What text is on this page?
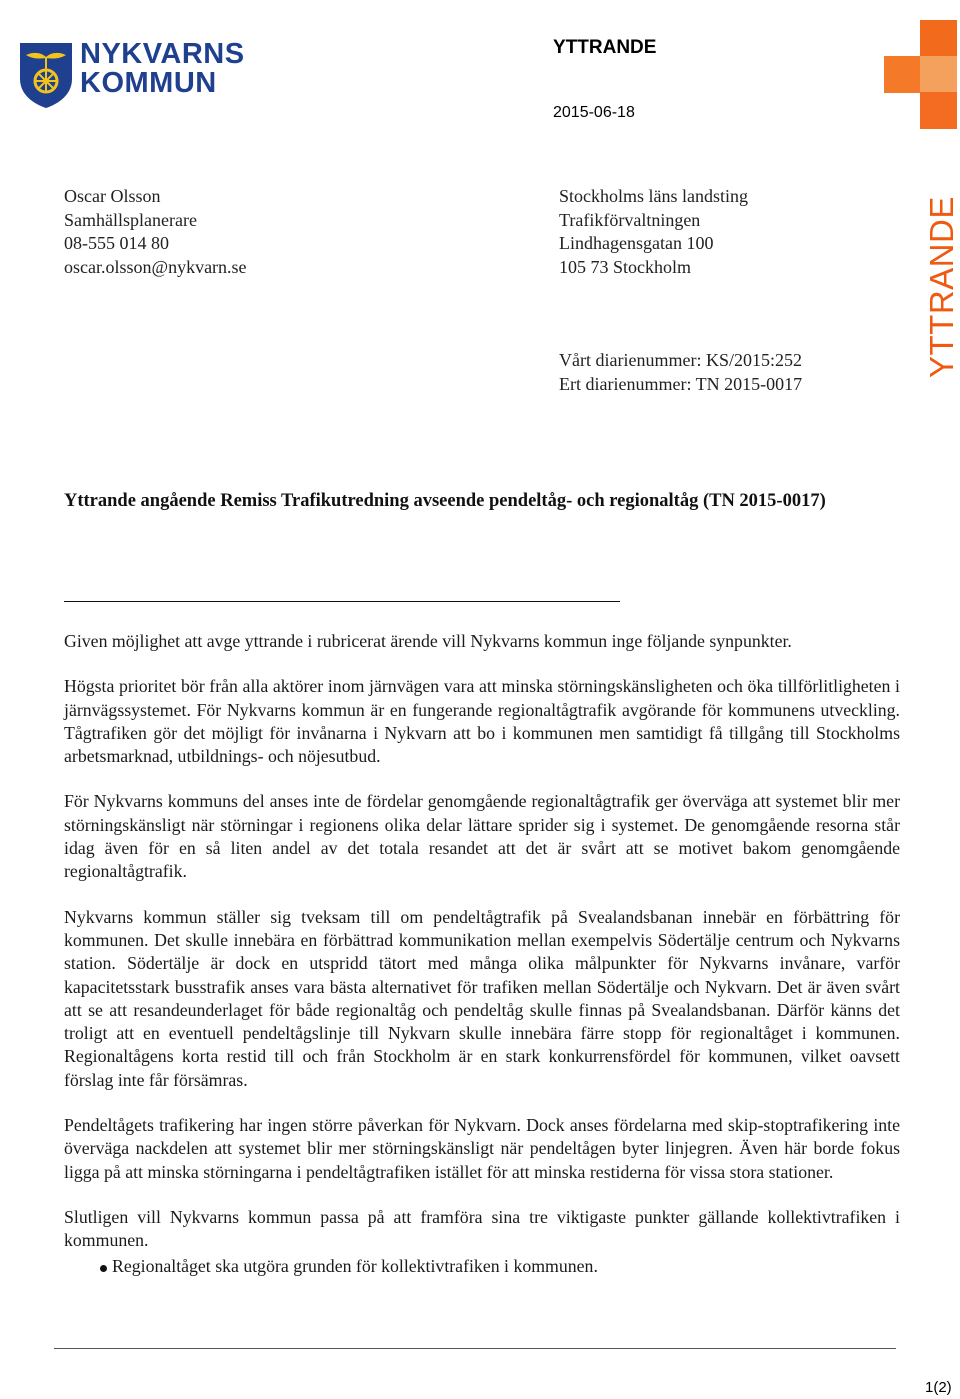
NYKVARNS
KOMMUN
YTTRANDE
2015-06-18
YTTRANDE
Oscar Olsson
Samhällsplanerare
08-555 014 80
oscar.olsson@nykvarn.se
Stockholms läns landsting
Trafikförvaltningen
Lindhagensgatan 100
105 73 Stockholm
Vårt diarienummer: KS/2015:252
Ert diarienummer: TN 2015-0017
Yttrande angående Remiss Trafikutredning avseende pendeltåg- och regionaltåg (TN 2015-0017)

Given möjlighet att avge yttrande i rubricerat ärende vill Nykvarns kommun inge följande synpunkter.

Högsta prioritet bör från alla aktörer inom järnvägen vara att minska störningskänsligheten och öka tillförlitligheten i järnvägssystemet. För Nykvarns kommun är en fungerande regionaltågtrafik avgörande för kommunens utveckling. Tågtrafiken gör det möjligt för invånarna i Nykvarn att bo i kommunen men samtidigt få tillgång till Stockholms arbetsmarknad, utbildnings- och nöjesutbud.

För Nykvarns kommuns del anses inte de fördelar genomgående regionaltågtrafik ger överväga att systemet blir mer störningskänsligt när störningar i regionens olika delar lättare sprider sig i systemet. De genomgående resorna står idag även för en så liten andel av det totala resandet att det är svårt att se motivet bakom genomgående regionaltågtrafik.

Nykvarns kommun ställer sig tveksam till om pendeltågtrafik på Svealandsbanan innebär en förbättring för kommunen. Det skulle innebära en förbättrad kommunikation mellan exempelvis Södertälje centrum och Nykvarns station. Södertälje är dock en utspridd tätort med många olika målpunkter för Nykvarns invånare, varför kapacitetsstark busstrafik anses vara bästa alternativet för trafiken mellan Södertälje och Nykvarn. Det är även svårt att se att resandeunderlaget för både regionaltåg och pendeltåg skulle finnas på Svealandsbanan. Därför känns det troligt att en eventuell pendeltågslinje till Nykvarn skulle innebära färre stopp för regionaltåget i kommunen. Regionaltågens korta restid till och från Stockholm är en stark konkurrensfördel för kommunen, vilket oavsett förslag inte får försämras.

Pendeltågets trafikering har ingen större påverkan för Nykvarn. Dock anses fördelarna med skip-stoptrafikering inte överväga nackdelen att systemet blir mer störningskänsligt när pendeltågen byter linjegren. Även här borde fokus ligga på att minska störningarna i pendeltågtrafiken istället för att minska restiderna för vissa stora stationer.

Slutligen vill Nykvarns kommun passa på att framföra sina tre viktigaste punkter gällande kollektivtrafiken i kommunen.

Regionaltåget ska utgöra grunden för kollektivtrafiken i kommunen.
1(2)
